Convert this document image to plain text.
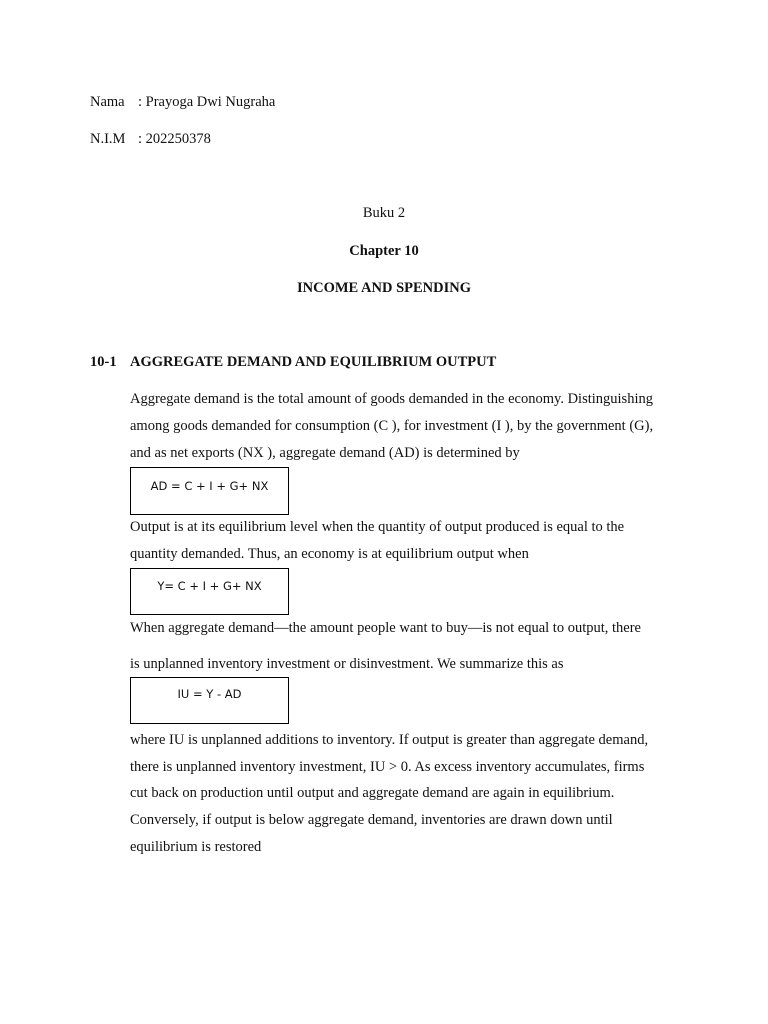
Nama : Prayoga Dwi Nugraha
N.I.M : 202250378
Buku 2
Chapter 10
INCOME AND SPENDING
10-1 AGGREGATE DEMAND AND EQUILIBRIUM OUTPUT
Aggregate demand is the total amount of goods demanded in the economy. Distinguishing
among goods demanded for consumption (C ), for investment (I ), by the government (G),
and as net exports (NX ), aggregate demand (AD) is determined by
AD = C + I + G+ NX
Output is at its equilibrium level when the quantity of output produced is equal to the
quantity demanded. Thus, an economy is at equilibrium output when
Y= C + I + G+ NX
When aggregate demand—the amount people want to buy—is not equal to output, there
is unplanned inventory investment or disinvestment. We summarize this as
IU = Y - AD
where IU is unplanned additions to inventory. If output is greater than aggregate demand,
there is unplanned inventory investment, IU > 0. As excess inventory accumulates, firms
cut back on production until output and aggregate demand are again in equilibrium.
Conversely, if output is below aggregate demand, inventories are drawn down until
equilibrium is restored
